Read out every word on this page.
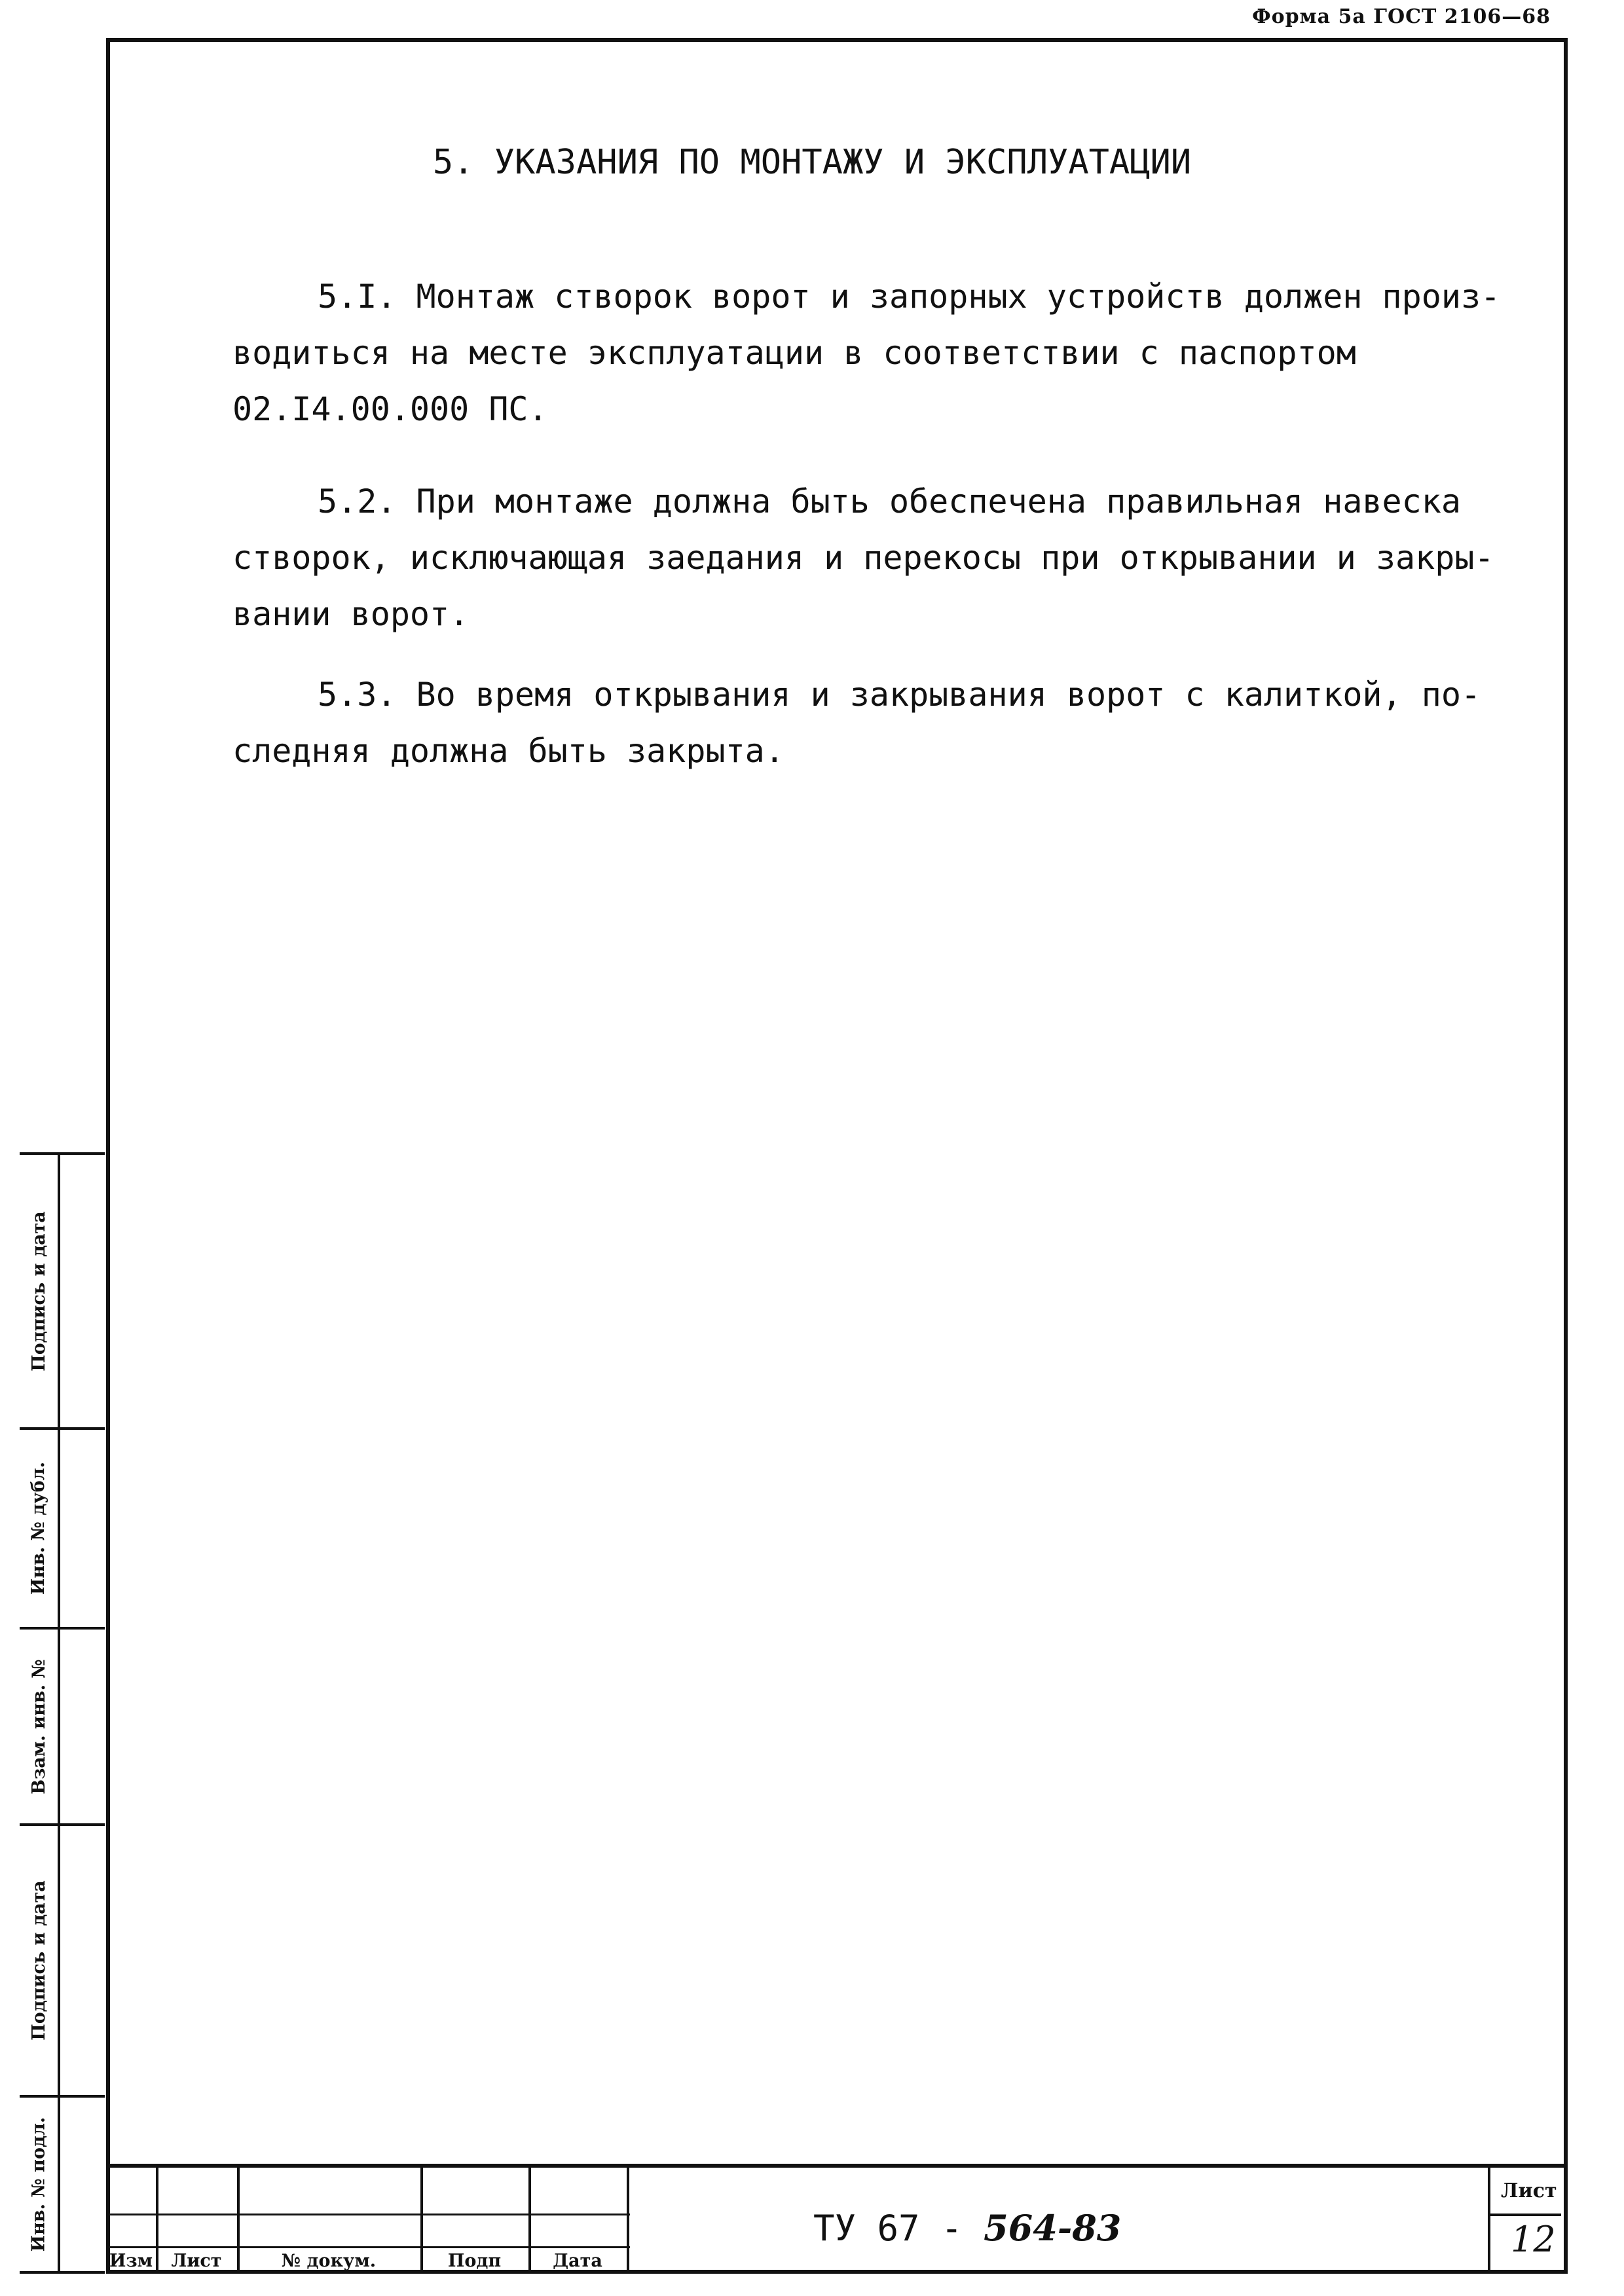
Форма 5а ГОСТ 2106—68
5. УКАЗАНИЯ ПО МОНТАЖУ И ЭКСПЛУАТАЦИИ
5.I. Монтаж створок ворот и запорных устройств должен произ-
водиться на месте эксплуатации в соответствии с паспортом
02.I4.00.000 ПС.
5.2. При монтаже должна быть обеспечена правильная навеска
створок, исключающая заедания и перекосы при открывании и закры-
вании ворот.
5.3. Во время открывания и закрывания ворот с калиткой, по-
следняя должна быть закрыта.
Подпись и дата
Инв. № дубл.
Взам. инв. №
Подпись и дата
Инв. № подл.
Изм	Лист	№ докум.	Подп	Дата
ТУ 67 - 564-83
Лист
12
